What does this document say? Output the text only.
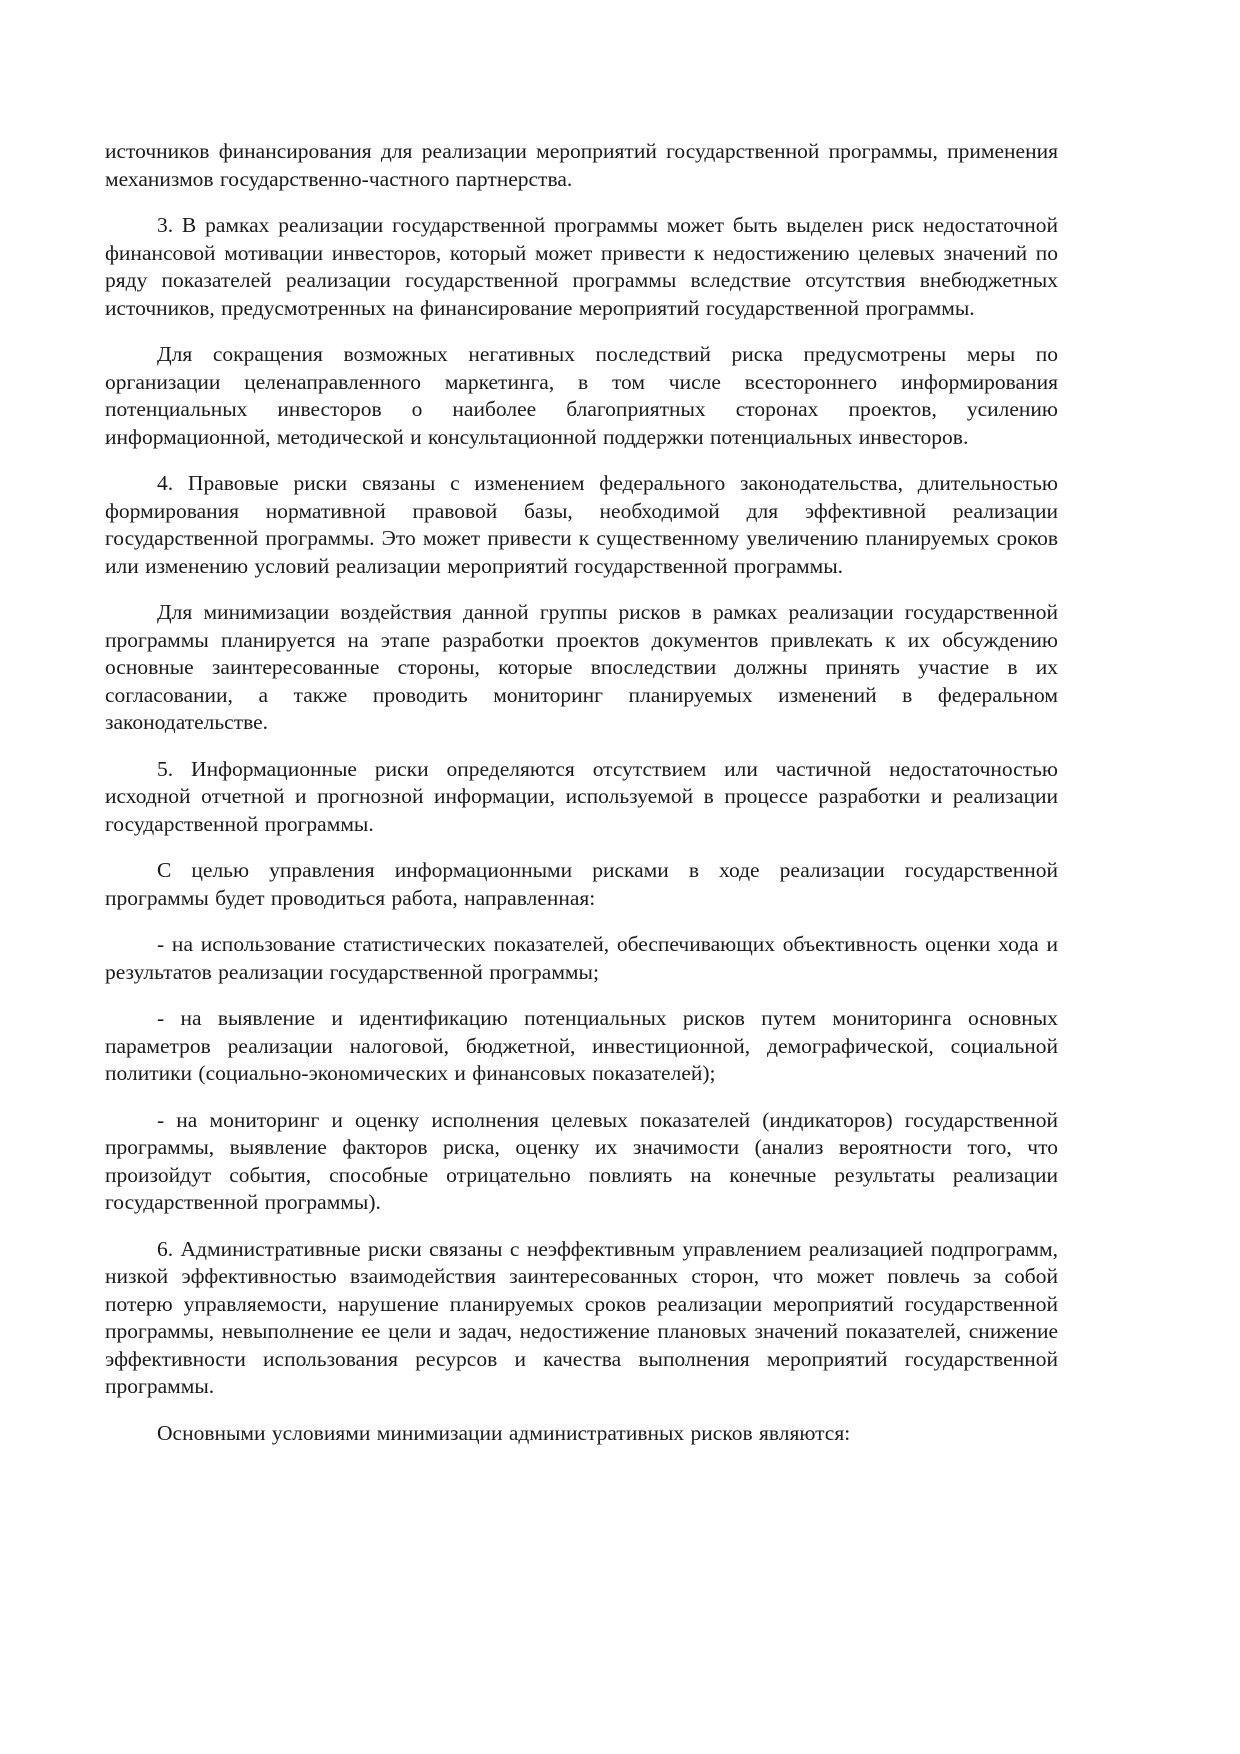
источников финансирования для реализации мероприятий государственной программы, применения механизмов государственно-частного партнерства.

3. В рамках реализации государственной программы может быть выделен риск недостаточной финансовой мотивации инвесторов, который может привести к недостижению целевых значений по ряду показателей реализации государственной программы вследствие отсутствия внебюджетных источников, предусмотренных на финансирование мероприятий государственной программы.

Для сокращения возможных негативных последствий риска предусмотрены меры по организации целенаправленного маркетинга, в том числе всестороннего информирования потенциальных инвесторов о наиболее благоприятных сторонах проектов, усилению информационной, методической и консультационной поддержки потенциальных инвесторов.

4. Правовые риски связаны с изменением федерального законодательства, длительностью формирования нормативной правовой базы, необходимой для эффективной реализации государственной программы. Это может привести к существенному увеличению планируемых сроков или изменению условий реализации мероприятий государственной программы.

Для минимизации воздействия данной группы рисков в рамках реализации государственной программы планируется на этапе разработки проектов документов привлекать к их обсуждению основные заинтересованные стороны, которые впоследствии должны принять участие в их согласовании, а также проводить мониторинг планируемых изменений в федеральном законодательстве.

5. Информационные риски определяются отсутствием или частичной недостаточностью исходной отчетной и прогнозной информации, используемой в процессе разработки и реализации государственной программы.

С целью управления информационными рисками в ходе реализации государственной программы будет проводиться работа, направленная:

- на использование статистических показателей, обеспечивающих объективность оценки хода и результатов реализации государственной программы;

- на выявление и идентификацию потенциальных рисков путем мониторинга основных параметров реализации налоговой, бюджетной, инвестиционной, демографической, социальной политики (социально-экономических и финансовых показателей);

- на мониторинг и оценку исполнения целевых показателей (индикаторов) государственной программы, выявление факторов риска, оценку их значимости (анализ вероятности того, что произойдут события, способные отрицательно повлиять на конечные результаты реализации государственной программы).

6. Административные риски связаны с неэффективным управлением реализацией подпрограмм, низкой эффективностью взаимодействия заинтересованных сторон, что может повлечь за собой потерю управляемости, нарушение планируемых сроков реализации мероприятий государственной программы, невыполнение ее цели и задач, недостижение плановых значений показателей, снижение эффективности использования ресурсов и качества выполнения мероприятий государственной программы.

Основными условиями минимизации административных рисков являются:
